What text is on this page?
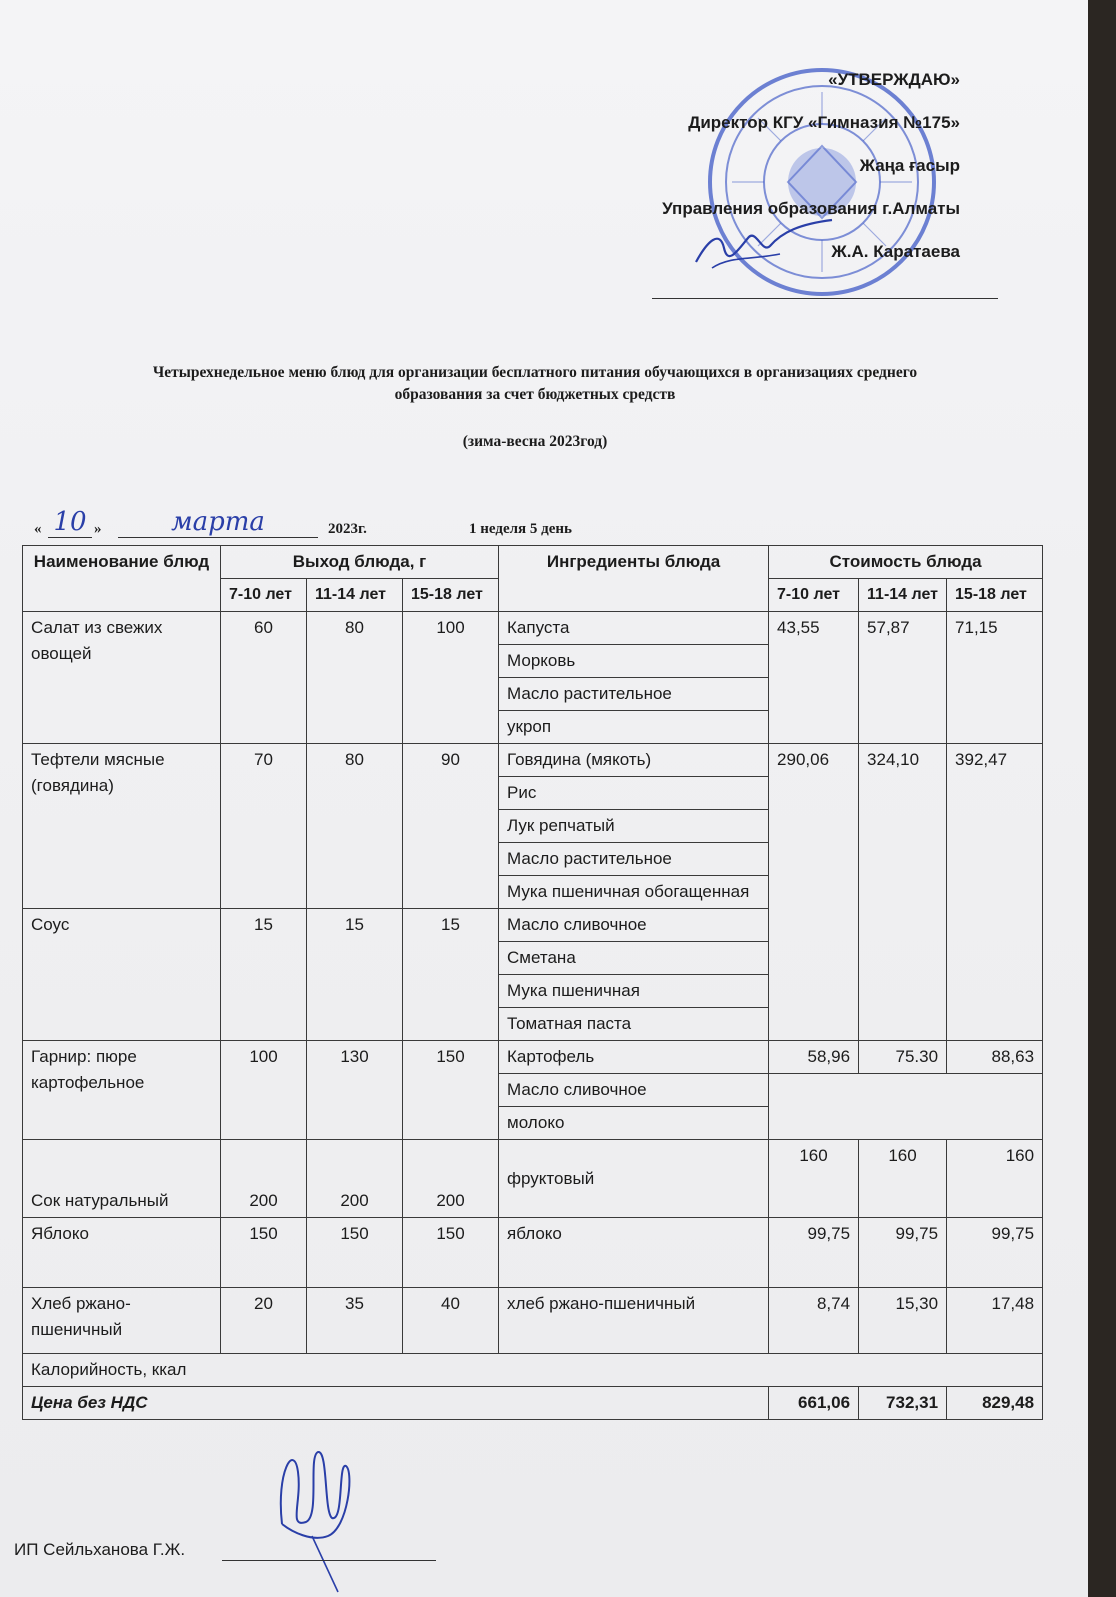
«УТВЕРЖДАЮ»
Директор КГУ «Гимназия №175»
Жаңа ғасыр
Управления образования г.Алматы
Ж.А. Каратаева
Четырехнедельное меню блюд для организации бесплатного питания обучающихся в организациях среднего
образования за счет бюджетных средств
(зима-весна 2023год)
« 10 »	марта	2023г.	1 неделя 5 день
Наименование блюд	Выход блюда, г			Ингредиенты блюда	Стоимость блюда		
	7-10 лет	11-14 лет	15-18 лет		7-10 лет	11-14 лет	15-18 лет
Салат из свежих овощей	60	80	100	Капуста	43,55	57,87	71,15
				Морковь			
				Масло растительное			
				укроп			
Тефтели мясные (говядина)	70	80	90	Говядина (мякоть)	290,06	324,10	392,47
				Рис			
				Лук репчатый			
				Масло растительное			
				Мука пшеничная обогащенная			
Соус	15	15	15	Масло сливочное			
				Сметана			
				Мука пшеничная			
				Томатная паста			
Гарнир: пюре картофельное	100	130	150	Картофель	58,96	75.30	88,63
				Масло сливочное			
				молоко			
Сок натуральный	200	200	200	фруктовый	160	160	160
Яблоко	150	150	150	яблоко	99,75	99,75	99,75
Хлеб ржано-пшеничный	20	35	40	хлеб ржано-пшеничный	8,74	15,30	17,48
Калорийность, ккал							
Цена без НДС					661,06	732,31	829,48
ИП Сейльханова Г.Ж.
